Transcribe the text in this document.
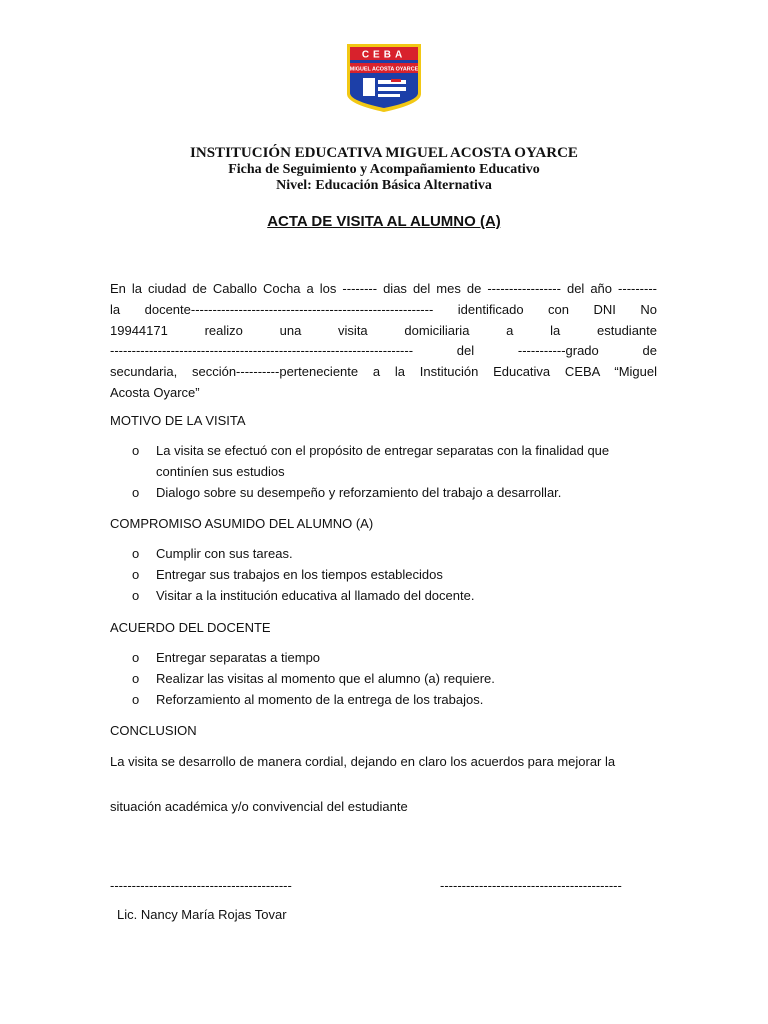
CEBA
MIGUEL ACOSTA OYARCE
INSTITUCIÓN EDUCATIVA MIGUEL ACOSTA OYARCE
Ficha de Seguimiento y Acompañamiento Educativo
Nivel: Educación Básica Alternativa
ACTA DE VISITA AL ALUMNO (A)
En la ciudad de Caballo Cocha a los -------- dias del mes de ----------------- del año ---------
la docente-------------------------------------------------------- identificado con DNI No
19944171 realizo una visita domiciliaria a la estudiante
---------------------------------------------------------------------- del -----------grado de
secundaria, sección----------perteneciente a la Institución Educativa CEBA “Miguel
Acosta Oyarce”
MOTIVO DE LA VISITA
o La visita se efectuó con el propósito de entregar separatas con la finalidad que continíen sus estudios
o Dialogo sobre su desempeño y reforzamiento del trabajo a desarrollar.
COMPROMISO ASUMIDO DEL ALUMNO (A)
o Cumplir con sus tareas.
o Entregar sus trabajos en los tiempos establecidos
o Visitar a la institución educativa al llamado del docente.
ACUERDO DEL DOCENTE
o Entregar separatas a tiempo
o Realizar las visitas al momento que el alumno (a) requiere.
o Reforzamiento al momento de la entrega de los trabajos.
CONCLUSION
La visita se desarrollo de manera cordial, dejando en claro los acuerdos para mejorar la
situación académica y/o convivencial del estudiante
------------------------------------------	------------------------------------------
Lic. Nancy María Rojas Tovar
